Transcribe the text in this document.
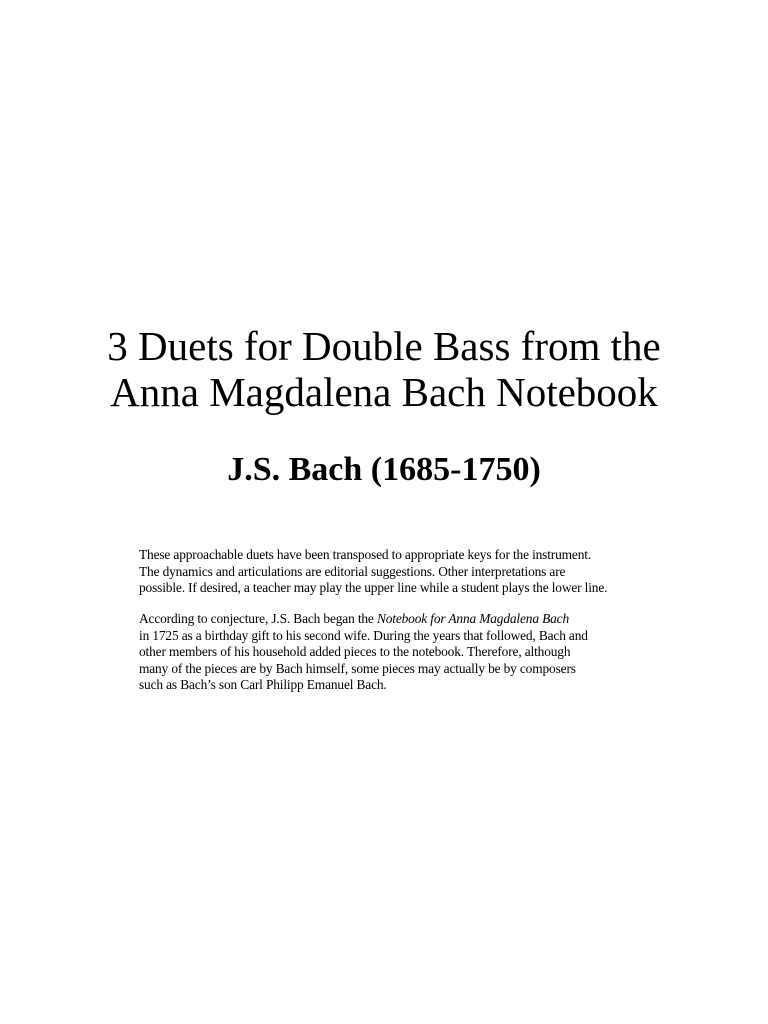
3 Duets for Double Bass from the
Anna Magdalena Bach Notebook
J.S. Bach (1685-1750)

These approachable duets have been transposed to appropriate keys for the instrument.
The dynamics and articulations are editorial suggestions. Other interpretations are
possible. If desired, a teacher may play the upper line while a student plays the lower line.

According to conjecture, J.S. Bach began the Notebook for Anna Magdalena Bach
in 1725 as a birthday gift to his second wife. During the years that followed, Bach and
other members of his household added pieces to the notebook. Therefore, although
many of the pieces are by Bach himself, some pieces may actually be by composers
such as Bach’s son Carl Philipp Emanuel Bach.
